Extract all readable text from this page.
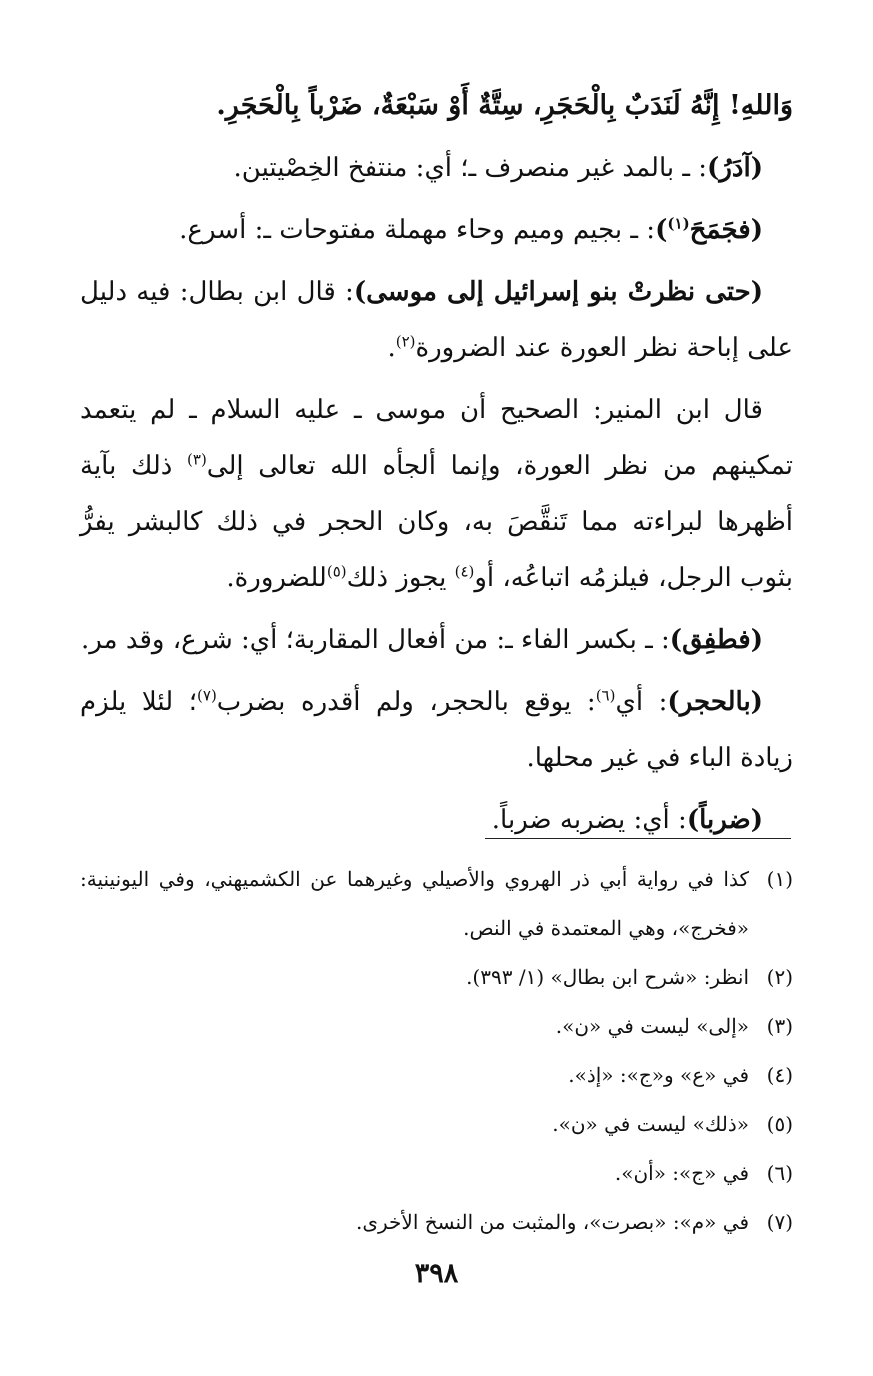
وَاللهِ! إِنَّهُ لَنَدَبٌ بِالْحَجَرِ، سِتَّةٌ أَوْ سَبْعَةٌ، ضَرْباً بِالْحَجَرِ.

(آدَرُ): ـ بالمد غير منصرف ـ؛ أي: منتفخ الخِصْيتين.

(فجَمَحَ$^{(١)}$): ـ بجيم وميم وحاء مهملة مفتوحات ـ: أسرع.

(حتى نظرتْ بنو إسرائيل إلى موسى): قال ابن بطال: فيه دليل على إباحة نظر العورة عند الضرورة$^{(٢)}$.

قال ابن المنير: الصحيح أن موسى ـ عليه السلام ـ لم يتعمد تمكينهم من نظر العورة، وإنما ألجأه الله تعالى إلى$^{(٣)}$ ذلك بآية أظهرها لبراءته مما تَنقَّصَ به، وكان الحجر في ذلك كالبشر يفرُّ بثوب الرجل، فيلزمُه اتباعُه، أو$^{(٤)}$ يجوز ذلك$^{(٥)}$للضرورة.

(فطفِق): ـ بكسر الفاء ـ: من أفعال المقاربة؛ أي: شرع، وقد مر.

(بالحجر): أي$^{(٦)}$: يوقع بالحجر، ولم أقدره بضرب$^{(٧)}$؛ لئلا يلزم زيادة الباء في غير محلها.

(ضرباً): أي: يضربه ضرباً.

(١)
كذا في رواية أبي ذر الهروي والأصيلي وغيرهما عن الكشميهني، وفي اليونينية: «فخرج»، وهي المعتمدة في النص.
(٢)
انظر: «شرح ابن بطال» (١/ ٣٩٣).
(٣)
«إلى» ليست في «ن».
(٤)
في «ع» و«ج»: «إذ».
(٥)
«ذلك» ليست في «ن».
(٦)
في «ج»: «أن».
(٧)
في «م»: «بصرت»، والمثبت من النسخ الأخرى.
٣٩٨
